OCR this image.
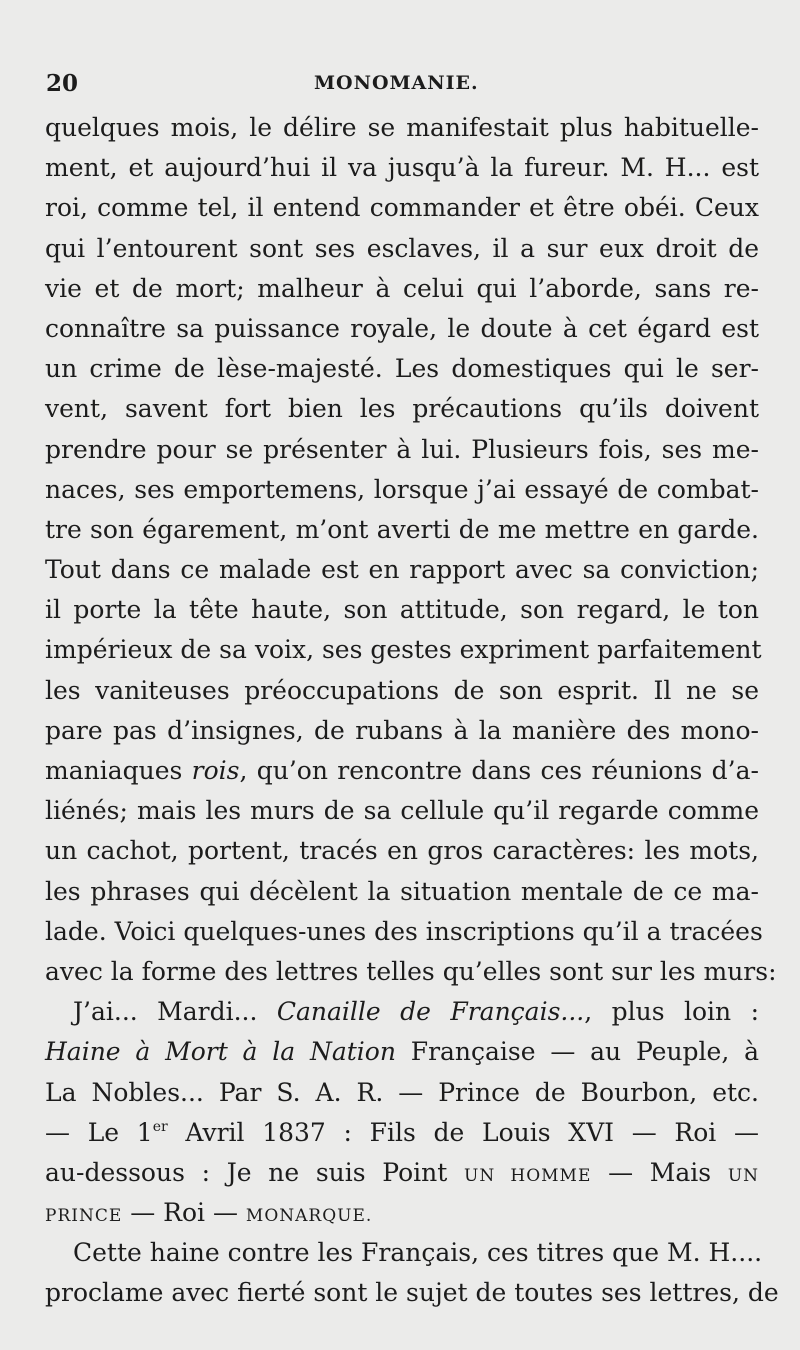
20	MONOMANIE.
quelques mois, le délire se manifestait plus habituelle-
ment, et aujourd’hui il va jusqu’à la fureur. M. H... est
roi, comme tel, il entend commander et être obéi. Ceux
qui l’entourent sont ses esclaves, il a sur eux droit de
vie et de mort; malheur à celui qui l’aborde, sans re-
connaître sa puissance royale, le doute à cet égard est
un crime de lèse-majesté. Les domestiques qui le ser-
vent, savent fort bien les précautions qu’ils doivent
prendre pour se présenter à lui. Plusieurs fois, ses me-
naces, ses emportemens, lorsque j’ai essayé de combat-
tre son égarement, m’ont averti de me mettre en garde.
Tout dans ce malade est en rapport avec sa conviction;
il porte la tête haute, son attitude, son regard, le ton
impérieux de sa voix, ses gestes expriment parfaitement
les vaniteuses préoccupations de son esprit. Il ne se
pare pas d’insignes, de rubans à la manière des mono-
maniaques rois, qu’on rencontre dans ces réunions d’a-
liénés; mais les murs de sa cellule qu’il regarde comme
un cachot, portent, tracés en gros caractères: les mots,
les phrases qui décèlent la situation mentale de ce ma-
lade. Voici quelques-unes des inscriptions qu’il a tracées
avec la forme des lettres telles qu’elles sont sur les murs:
J’ai... Mardi... Canaille de Français..., plus loin :
Haine à Mort à la Nation Française — au Peuple, à
La Nobles... Par S. A. R. — Prince de Bourbon, etc.
— Le 1er Avril 1837 : Fils de Louis XVI — Roi —
au-dessous : Je ne suis Point UN HOMME — Mais UN
PRINCE — Roi — MONARQUE.
Cette haine contre les Français, ces titres que M. H....
proclame avec fierté sont le sujet de toutes ses lettres, de
